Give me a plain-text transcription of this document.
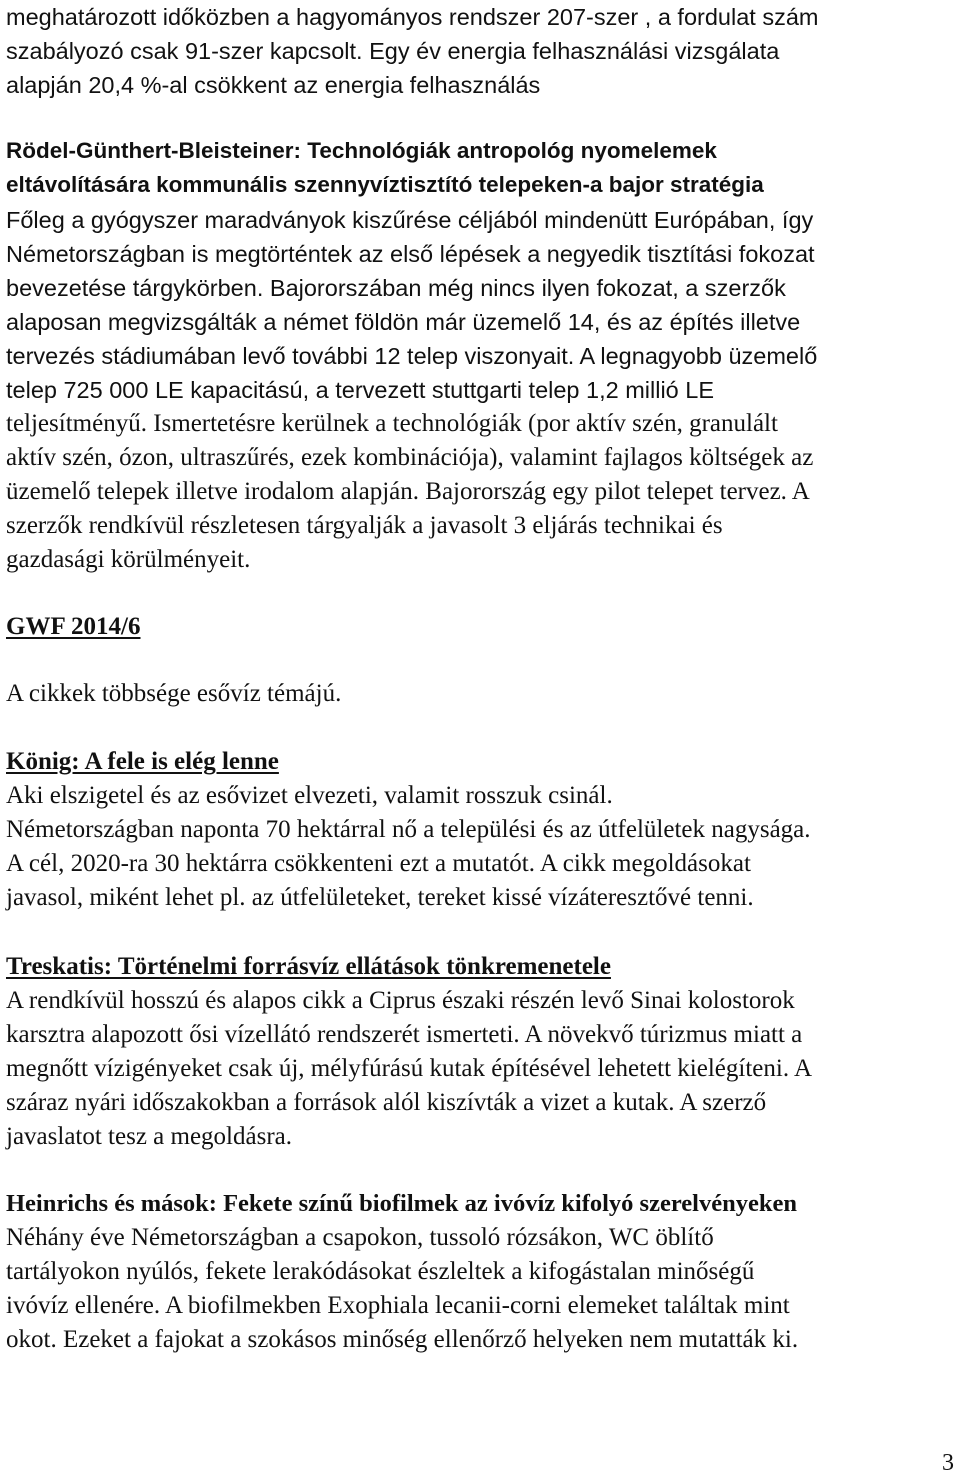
meghatározott időközben a hagyományos rendszer 207-szer , a fordulat szám
szabályozó csak 91-szer kapcsolt. Egy év energia felhasználási vizsgálata
alapján 20,4 %-al csökkent az energia felhasználás
Rödel-Günthert-Bleisteiner: Technológiák antropológ nyomelemek
eltávolítására kommunális szennyvíztisztító telepeken-a bajor stratégia
Főleg a gyógyszer maradványok kiszűrése céljából mindenütt Európában, így
Németországban is megtörténtek az első lépések a negyedik tisztítási fokozat
bevezetése tárgykörben. Bajororszában még nincs ilyen fokozat, a szerzők
alaposan megvizsgálták a német földön már üzemelő 14, és az építés illetve
tervezés stádiumában levő további 12 telep viszonyait. A legnagyobb üzemelő
telep 725 000 LE kapacitású, a tervezett stuttgarti telep 1,2 millió LE
teljesítményű. Ismertetésre kerülnek a technológiák (por aktív szén, granulált
aktív szén, ózon, ultraszűrés, ezek kombinációja), valamint fajlagos költségek az
üzemelő telepek illetve irodalom alapján. Bajorország egy pilot telepet tervez. A
szerzők rendkívül részletesen tárgyalják a javasolt 3 eljárás technikai és
gazdasági körülményeit.
GWF 2014/6
A cikkek többsége esővíz témájú.
König: A fele is elég lenne
Aki elszigetel és az esővizet elvezeti, valamit rosszuk csinál.
Németországban naponta 70 hektárral nő a települési és az útfelületek nagysága.
A cél, 2020-ra 30 hektárra csökkenteni ezt a mutatót. A cikk megoldásokat
javasol, miként lehet pl. az útfelületeket, tereket kissé vízáteresztővé tenni.
Treskatis: Történelmi forrásvíz ellátások tönkremenetele
A rendkívül hosszú és alapos cikk a Ciprus északi részén levő Sinai kolostorok
karsztra alapozott ősi vízellátó rendszerét ismerteti. A növekvő túrizmus miatt a
megnőtt vízigényeket csak új, mélyfúrású kutak építésével lehetett kielégíteni. A
száraz nyári időszakokban a források alól kiszívták a vizet a kutak. A szerző
javaslatot tesz a megoldásra.
Heinrichs és mások: Fekete színű biofilmek az ivóvíz kifolyó szerelvényeken
Néhány éve Németországban a csapokon, tussoló rózsákon, WC öblítő
tartályokon nyúlós, fekete lerakódásokat észleltek a kifogástalan minőségű
ivóvíz ellenére. A biofilmekben Exophiala lecanii-corni elemeket találtak mint
okot. Ezeket a fajokat a szokásos minőség ellenőrző helyeken nem mutatták ki.
3
